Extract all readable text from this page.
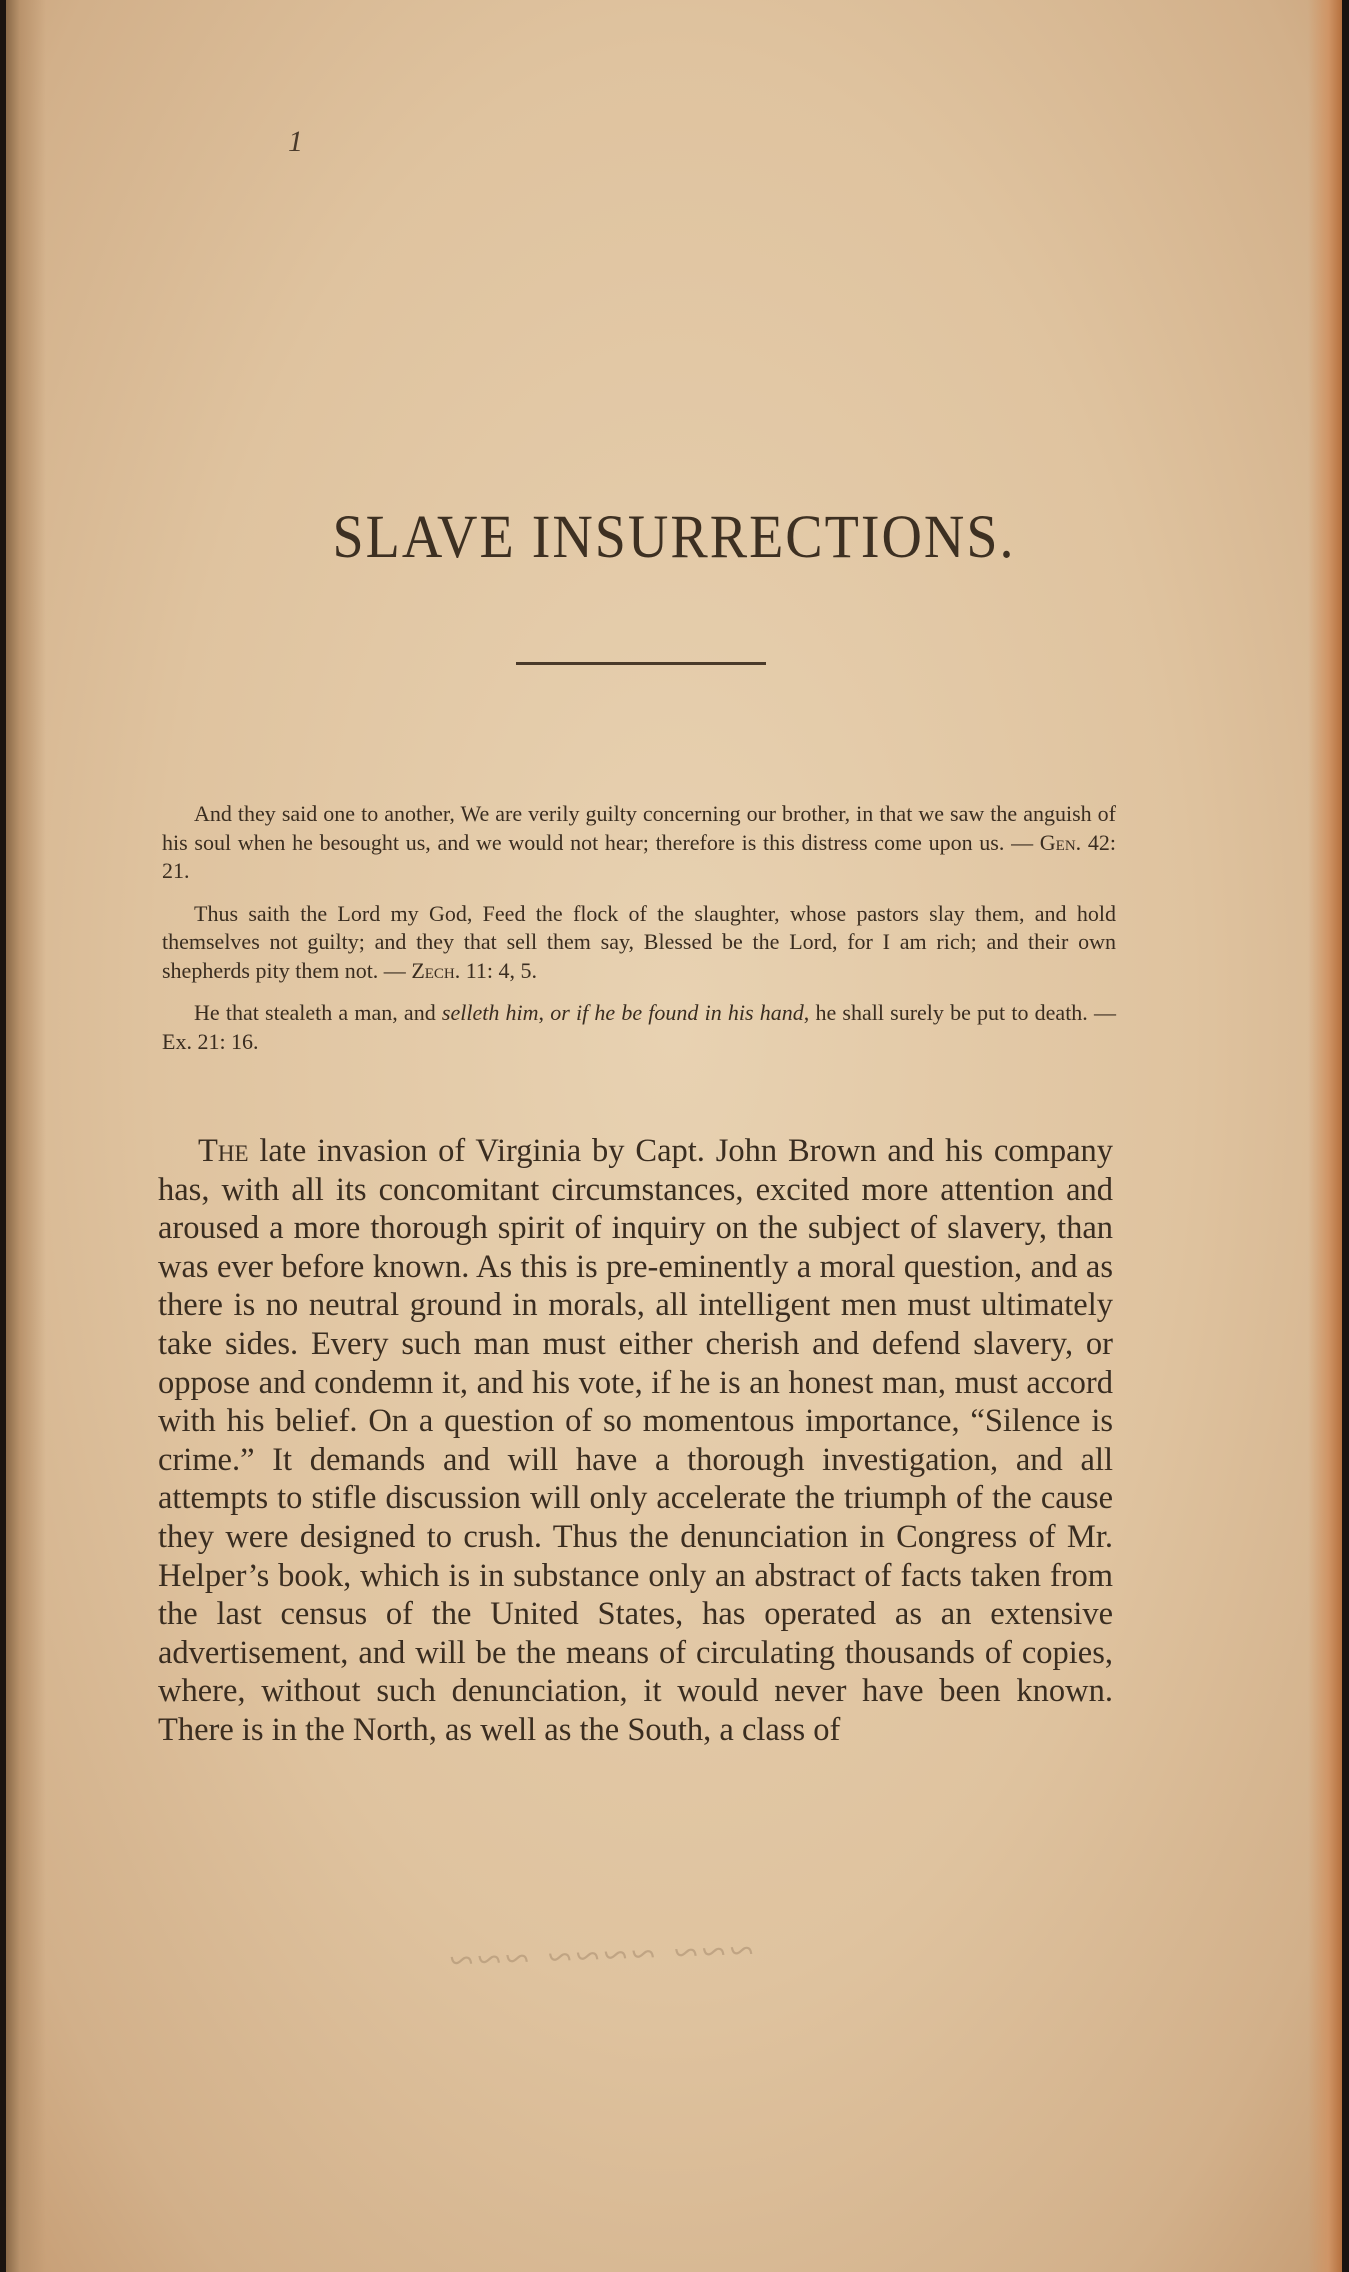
1
SLAVE INSURRECTIONS.

And they said one to another, We are verily guilty concerning our brother, in that we saw the anguish of his soul when he besought us, and we would not hear; therefore is this distress come upon us. — Gen. 42: 21.

Thus saith the Lord my God, Feed the flock of the slaughter, whose pastors slay them, and hold themselves not guilty; and they that sell them say, Blessed be the Lord, for I am rich; and their own shepherds pity them not. — Zech. 11: 4, 5.

He that stealeth a man, and selleth him, or if he be found in his hand, he shall surely be put to death. — Ex. 21: 16.

The late invasion of Virginia by Capt. John Brown and his company has, with all its concomitant circumstances, excited more attention and aroused a more thorough spirit of inquiry on the subject of slavery, than was ever before known. As this is pre-eminently a moral question, and as there is no neutral ground in morals, all intelligent men must ultimately take sides. Every such man must either cherish and defend slavery, or oppose and condemn it, and his vote, if he is an honest man, must accord with his belief. On a question of so momentous importance, “Silence is crime.” It demands and will have a thorough investigation, and all attempts to stifle discussion will only accelerate the triumph of the cause they were designed to crush. Thus the denunciation in Congress of Mr. Helper’s book, which is in substance only an abstract of facts taken from the last census of the United States, has operated as an extensive advertisement, and will be the means of circulating thousands of copies, where, without such denunciation, it would never have been known. There is in the North, as well as the South, a class of

~~~ ~~~~ ~~~
